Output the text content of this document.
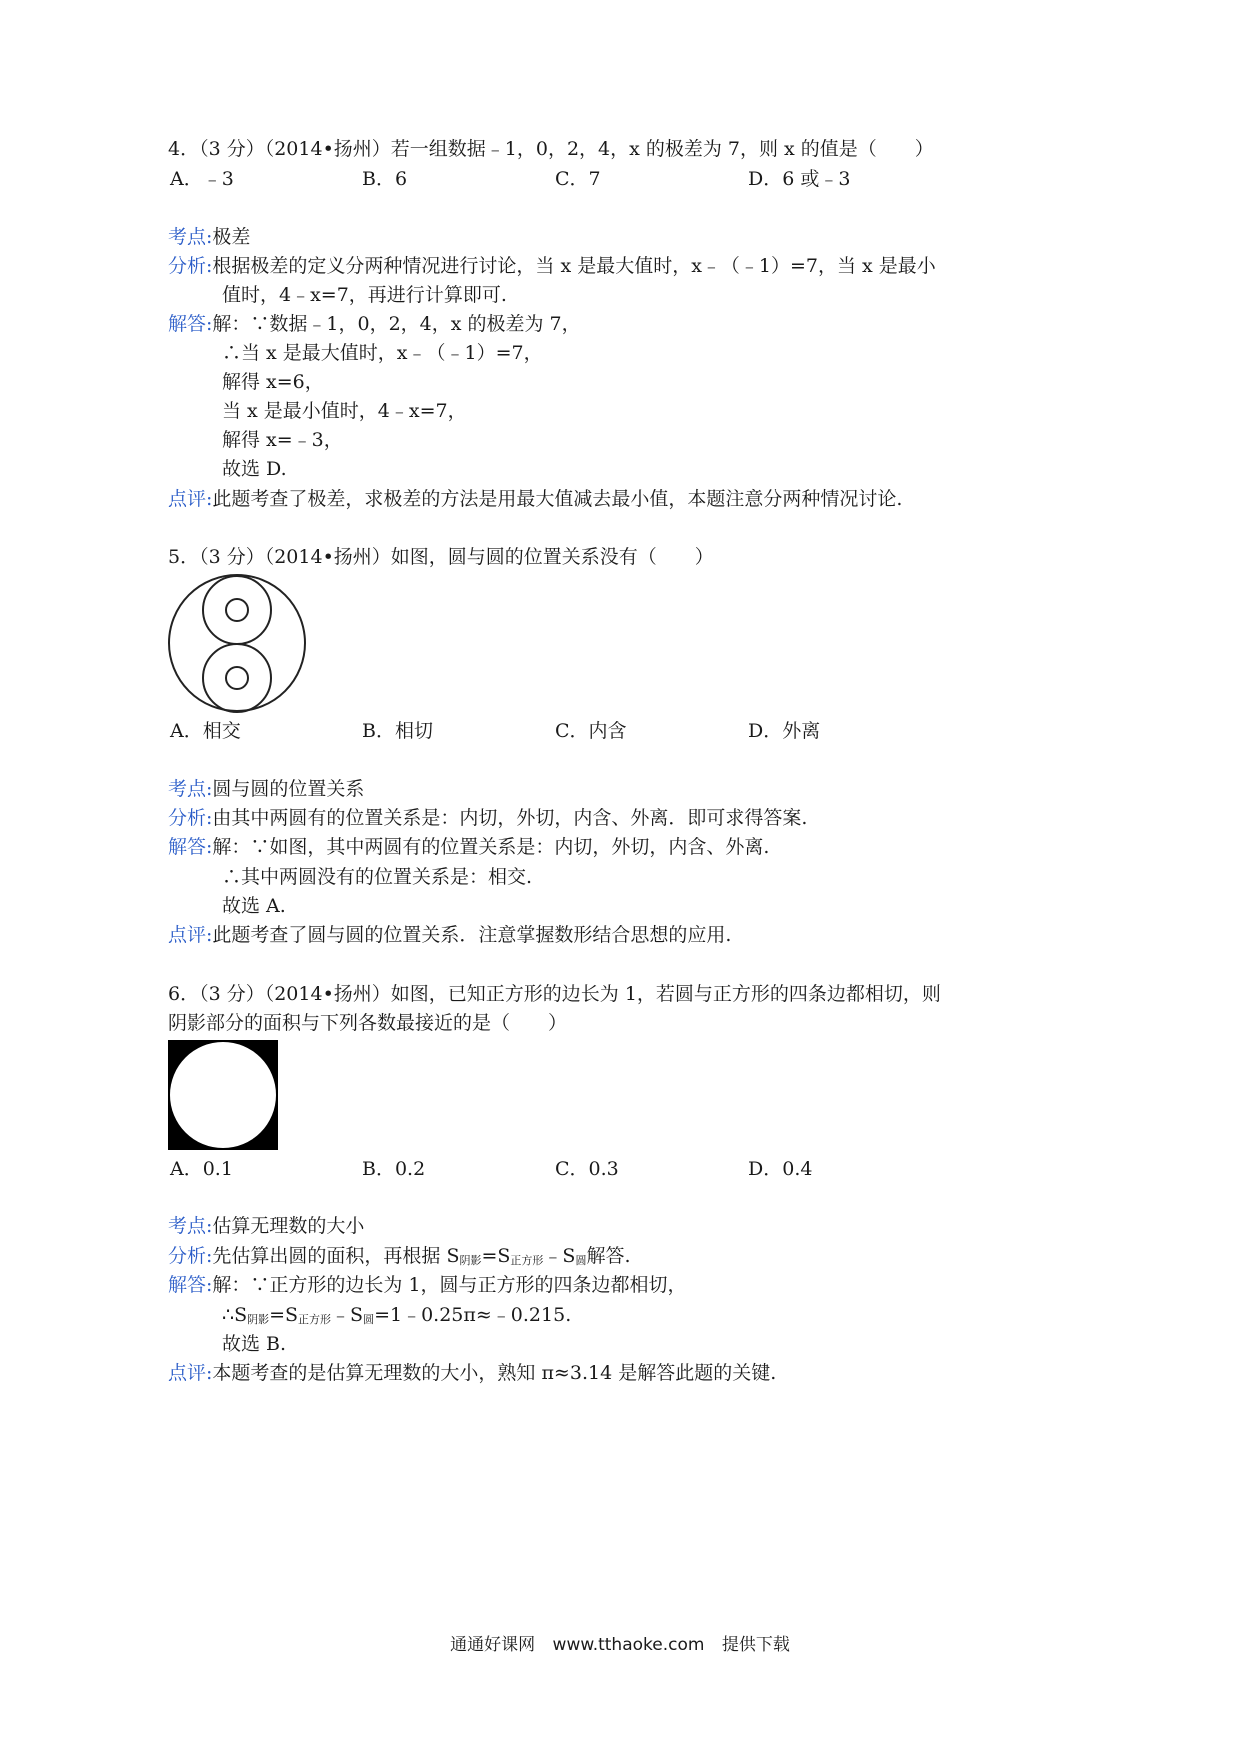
4．（3 分）（2014•扬州）若一组数据﹣1，0，2，4，x 的极差为 7，则 x 的值是（　　）
A．﹣3	B．6	C．7	D．6 或﹣3
考点:极差
分析:根据极差的定义分两种情况进行讨论，当 x 是最大值时，x﹣（﹣1）=7，当 x 是最小
值时，4﹣x=7，再进行计算即可.
解答:解：∵数据﹣1，0，2，4，x 的极差为 7，
∴当 x 是最大值时，x﹣（﹣1）=7，
解得 x=6，
当 x 是最小值时，4﹣x=7，
解得 x=﹣3，
故选 D.
点评:此题考查了极差，求极差的方法是用最大值减去最小值，本题注意分两种情况讨论.
5．（3 分）（2014•扬州）如图，圆与圆的位置关系没有（　　）
A．相交	B．相切	C．内含	D．外离
考点:圆与圆的位置关系
分析:由其中两圆有的位置关系是：内切，外切，内含、外离．即可求得答案.
解答:解：∵如图，其中两圆有的位置关系是：内切，外切，内含、外离.
∴其中两圆没有的位置关系是：相交.
故选 A.
点评:此题考查了圆与圆的位置关系．注意掌握数形结合思想的应用.
6．（3 分）（2014•扬州）如图，已知正方形的边长为 1，若圆与正方形的四条边都相切，则
阴影部分的面积与下列各数最接近的是（　　）
A．0.1	B．0.2	C．0.3	D．0.4
考点:估算无理数的大小
分析:先估算出圆的面积，再根据 $S_{阴影}=S_{正方形}﹣S_圆$解答.
解答:解：∵正方形的边长为 1，圆与正方形的四条边都相切，
$\therefore S_{阴影}=S_{正方形}﹣S_圆=1﹣0.25\pi\approx﹣0.215$.
故选 B.
点评:本题考查的是估算无理数的大小，熟知 π≈3.14 是解答此题的关键.
通通好课网 www.tthaoke.com 提供下载
